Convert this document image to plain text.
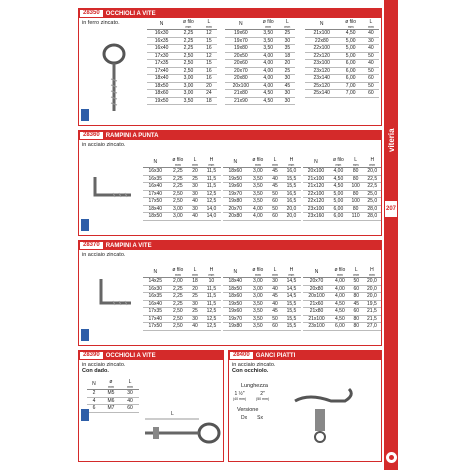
viteria
207
28350	OCCHIOLI A VITE
in ferro zincato.	N	ø filo
mm	L
mm

16x30	2,25	12
16x35	2,25	15
16x40	2,25	16
17x30	2,50	12
17x35	2,50	15
17x40	2,50	16
18x40	3,00	16
18x50	3,00	20
18x60	3,00	24
19x50	3,50	18
N	ø filo
mm	L
mm

19x60	3,50	25
19x70	3,50	30
19x80	3,50	35
20x50	4,00	18
20x60	4,00	20
20x70	4,00	25
20x80	4,00	30
20x100	4,00	45
21x80	4,50	30
21x90	4,50	30
N	ø filo
mm	L
mm

21x100	4,50	40
22x80	5,00	30
22x100	5,00	40
22x120	5,00	50
23x100	6,00	40
23x120	6,00	50
23x140	6,00	60
25x120	7,00	50
25x140	7,00	60
28360	RAMPINI A PUNTA
in acciaio zincato.
N	ø filo
mm	L
mm	H
mm

16x30	2,25	20	11,5
16x35	2,25	25	11,5
16x40	2,25	30	11,5
17x40	2,50	30	12,5
17x50	2,50	40	12,5
18x40	3,00	30	14,0
18x50	3,00	40	14,0
N	ø filo
mm	L
mm	H
mm

18x60	3,00	45	16,0
19x50	3,50	40	15,5
19x60	3,50	45	15,5
19x70	3,50	50	16,5
19x80	3,50	60	16,5
20x70	4,00	50	20,0
20x80	4,00	60	20,0
N	ø filo
mm	L
mm	H
mm

20x100	4,00	80	20,0
21x100	4,50	80	22,5
21x120	4,50	100	22,5
22x100	5,00	80	25,0
22x120	5,00	100	25,0
23x100	6,00	80	28,0
23x160	6,00	110	28,0
28370	RAMPINI A VITE
in acciaio zincato.
N	ø filo
mm	L
mm	H
mm

14x25	2,00	18	10
16x30	2,25	20	11,5
16x35	2,25	25	11,5
16x40	2,25	30	11,5
17x35	2,50	25	12,5
17x40	2,50	30	12,5
17x50	2,50	40	12,5
N	ø filo
mm	L
mm	H
mm

18x40	3,00	30	14,5
18x50	3,00	40	14,5
18x60	3,00	45	14,5
19x50	3,50	40	15,5
19x60	3,50	45	15,5
19x70	3,50	50	15,5
19x80	3,50	60	15,5
N	ø filo
mm	L
mm	H
mm

20x70	4,00	50	20,0
20x80	4,00	60	20,0
20x100	4,00	80	20,0
21x60	4,50	45	19,5
21x80	4,50	60	21,5
21x100	4,50	80	21,5
23x100	6,00	80	27,0
28390	OCCHIOLI A VITE
in acciaio zincato.
Con dado.
N	ø
mm	L
mm

2	M5	30
4	M6	40
6	M7	60
L
28400	GANCI PIATTI
in acciaio zincato.
Con occhiolo.
Lunghezza
1 ½"
(40 mm)
2"
(50 mm)
Versione
Dx Sx
